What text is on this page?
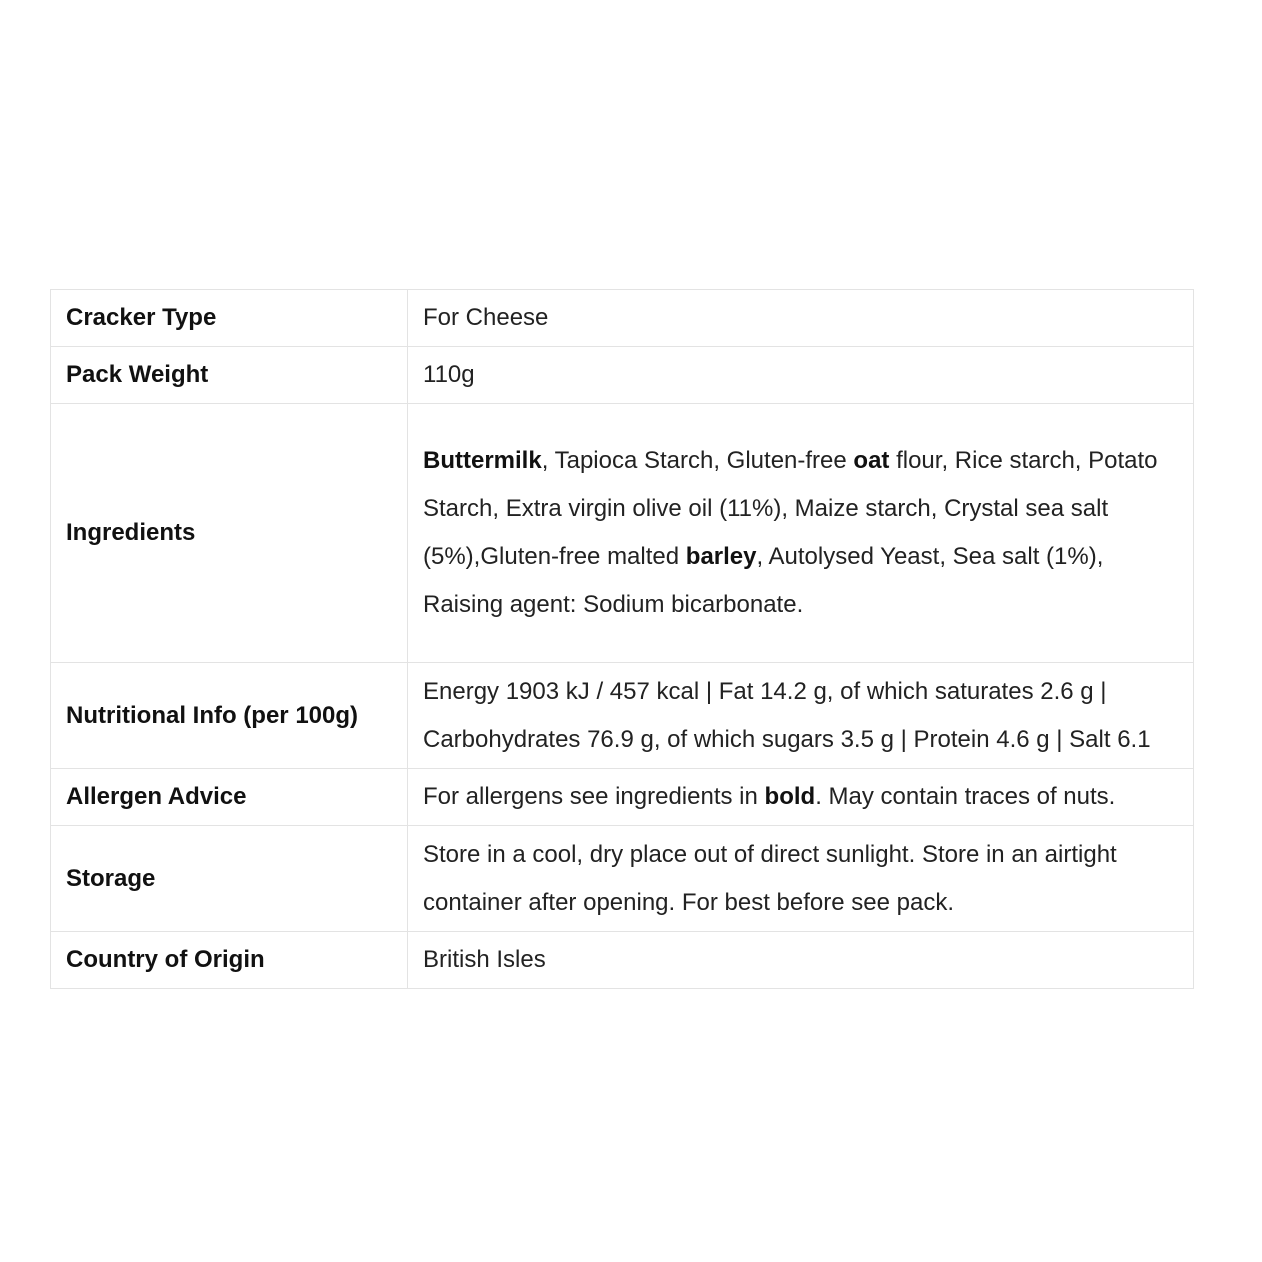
Cracker Type	For Cheese
Pack Weight	110g
Ingredients	Buttermilk, Tapioca Starch, Gluten-free oat flour, Rice starch, Potato Starch, Extra virgin olive oil (11%), Maize starch, Crystal sea salt (5%),Gluten-free malted barley, Autolysed Yeast, Sea salt (1%), Raising agent: Sodium bicarbonate.
Nutritional Info (per 100g)	Energy 1903 kJ / 457 kcal | Fat 14.2 g, of which saturates 2.6 g | Carbohydrates 76.9 g, of which sugars 3.5 g | Protein 4.6 g | Salt 6.1
Allergen Advice	For allergens see ingredients in bold. May contain traces of nuts.
Storage	Store in a cool, dry place out of direct sunlight. Store in an airtight container after opening. For best before see pack.
Country of Origin	British Isles
